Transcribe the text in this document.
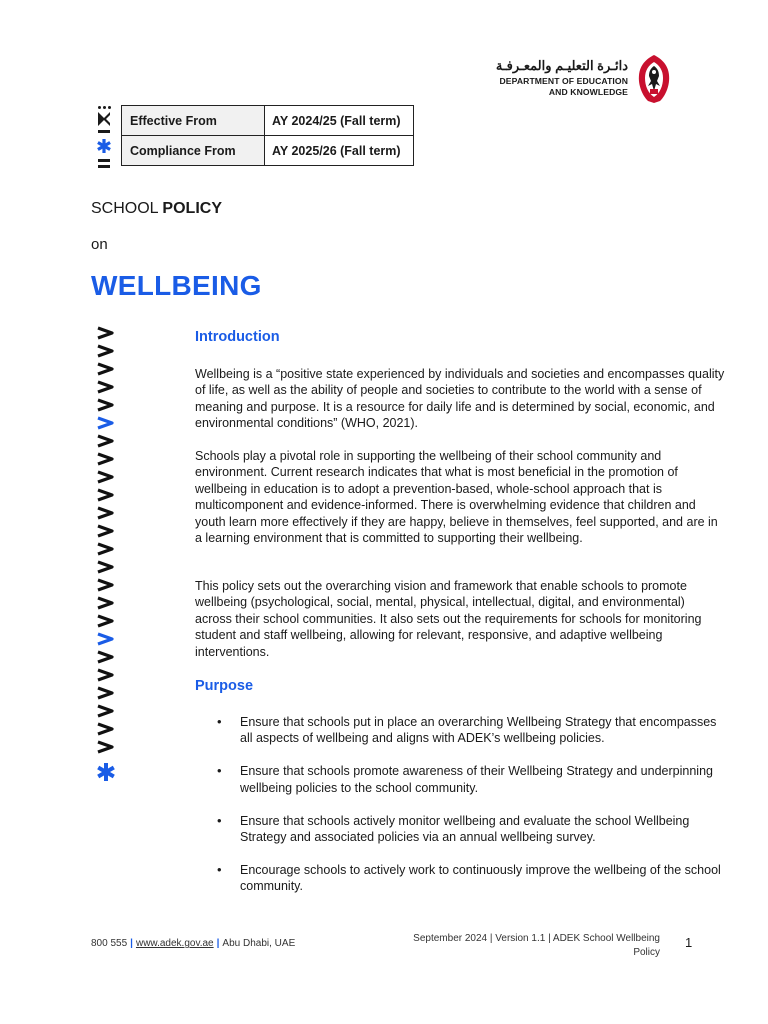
دائـرة التعليـم والمعـرفـة
DEPARTMENT OF EDUCATION
AND KNOWLEDGE
Effective From	AY 2024/25 (Fall term)
Compliance From	AY 2025/26 (Fall term)
SCHOOL POLICY
on
WELLBEING
Introduction
Wellbeing is a “positive state experienced by individuals and societies and encompasses quality of life, as well as the ability of people and societies to contribute to the world with a sense of meaning and purpose. It is a resource for daily life and is determined by social, economic, and environmental conditions” (WHO, 2021).
Schools play a pivotal role in supporting the wellbeing of their school community and environment. Current research indicates that what is most beneficial in the promotion of wellbeing in education is to adopt a prevention-based, whole-school approach that is multicomponent and evidence-informed. There is overwhelming evidence that children and youth learn more effectively if they are happy, believe in themselves, feel supported, and are in a learning environment that is committed to supporting their wellbeing.
This policy sets out the overarching vision and framework that enable schools to promote wellbeing (psychological, social, mental, physical, intellectual, digital, and environmental) across their school communities. It also sets out the requirements for schools for monitoring student and staff wellbeing, allowing for relevant, responsive, and adaptive wellbeing interventions.
Purpose
• Ensure that schools put in place an overarching Wellbeing Strategy that encompasses all aspects of wellbeing and aligns with ADEK’s wellbeing policies.
• Ensure that schools promote awareness of their Wellbeing Strategy and underpinning wellbeing policies to the school community.
• Ensure that schools actively monitor wellbeing and evaluate the school Wellbeing Strategy and associated policies via an annual wellbeing survey.
• Encourage schools to actively work to continuously improve the wellbeing of the school community.
800 555 | www.adek.gov.ae | Abu Dhabi, UAE	September 2024 | Version 1.1 | ADEK School Wellbeing
Policy
1
